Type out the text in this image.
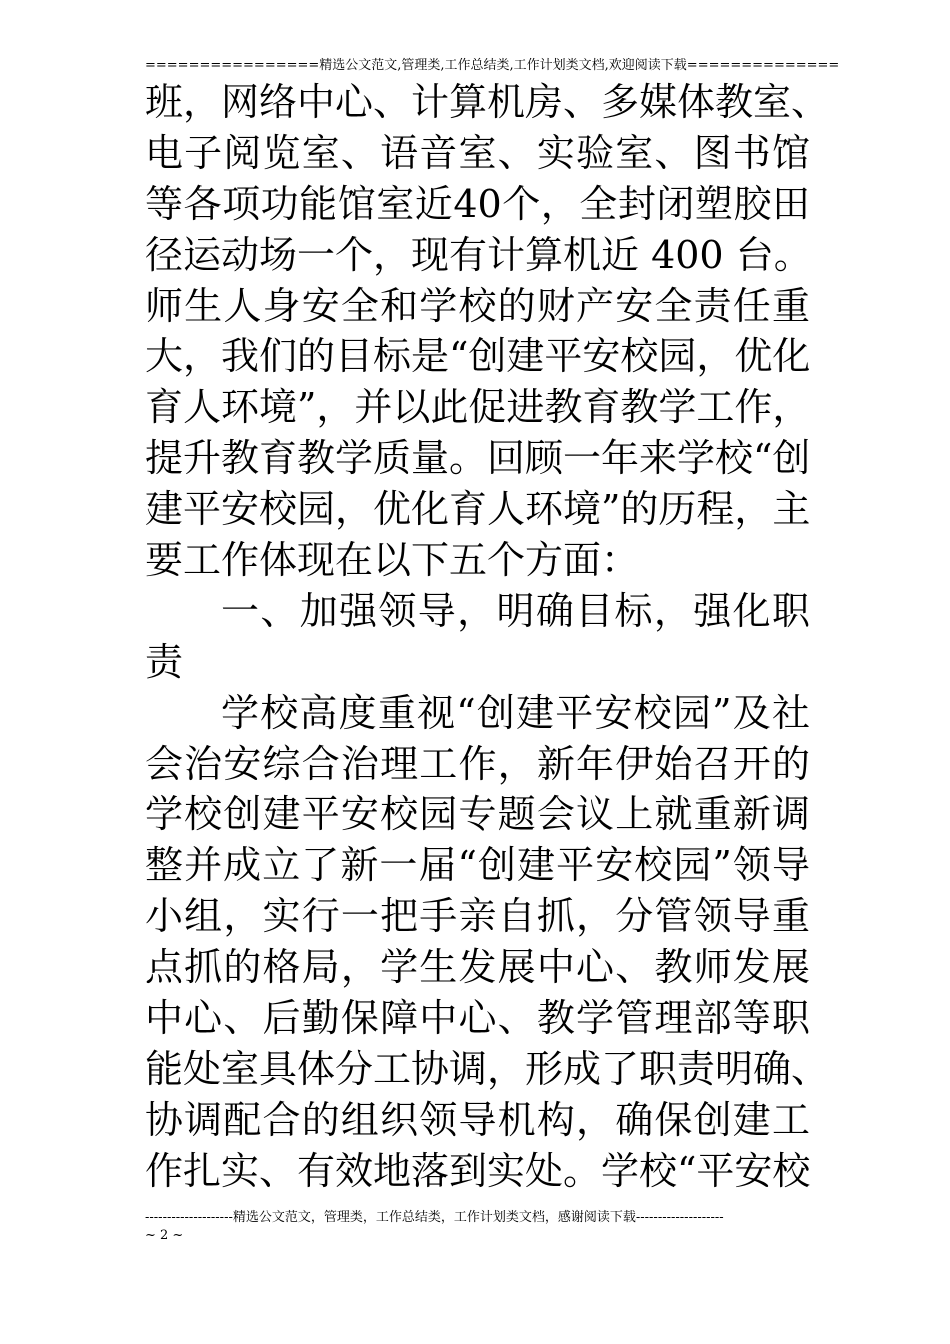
================精选公文范文,管理类,工作总结类,工作计划类文档,欢迎阅读下载==============
班，网络中心、计算机房、多媒体教室、
电子阅览室、语音室、实验室、图书馆
等各项功能馆室近40个，全封闭塑胶田
径运动场一个，现有计算机近 400 台。
师生人身安全和学校的财产安全责任重
大，我们的目标是“创建平安校园，优化
育人环境”，并以此促进教育教学工作，
提升教育教学质量。回顾一年来学校“创
建平安校园，优化育人环境”的历程，主
要工作体现在以下五个方面：
一、加强领导，明确目标，强化职
责
学校高度重视“创建平安校园”及社
会治安综合治理工作，新年伊始召开的
学校创建平安校园专题会议上就重新调
整并成立了新一届“创建平安校园”领导
小组，实行一把手亲自抓，分管领导重
点抓的格局，学生发展中心、教师发展
中心、后勤保障中心、教学管理部等职
能处室具体分工协调，形成了职责明确、
协调配合的组织领导机构，确保创建工
作扎实、有效地落到实处。学校“平安校
--------------------精选公文范文，管理类，工作总结类，工作计划类文档，感谢阅读下载--------------------
~ 2 ~
